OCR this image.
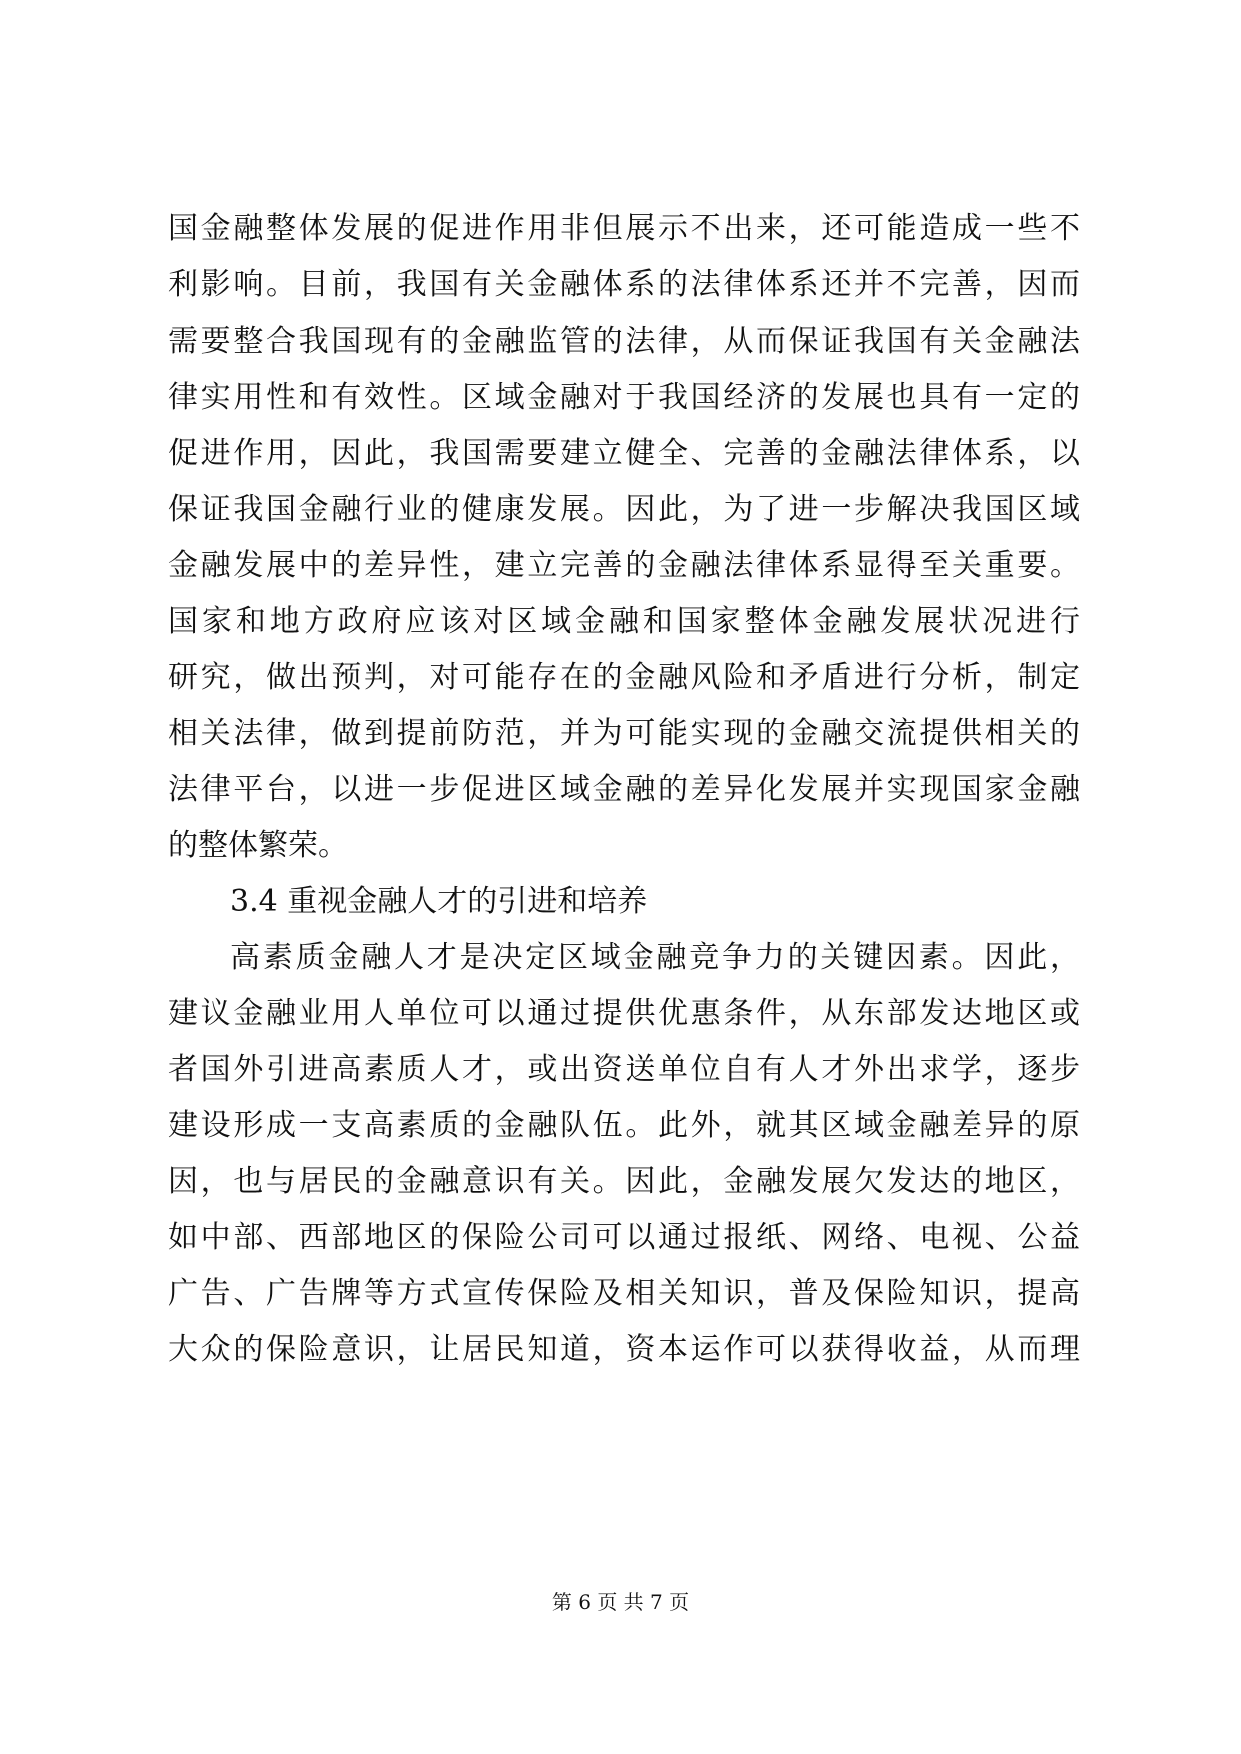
国金融整体发展的促进作用非但展示不出来，还可能造成一些不
利影响。目前，我国有关金融体系的法律体系还并不完善，因而
需要整合我国现有的金融监管的法律，从而保证我国有关金融法
律实用性和有效性。区域金融对于我国经济的发展也具有一定的
促进作用，因此，我国需要建立健全、完善的金融法律体系，以
保证我国金融行业的健康发展。因此，为了进一步解决我国区域
金融发展中的差异性，建立完善的金融法律体系显得至关重要。
国家和地方政府应该对区域金融和国家整体金融发展状况进行
研究，做出预判，对可能存在的金融风险和矛盾进行分析，制定
相关法律，做到提前防范，并为可能实现的金融交流提供相关的
法律平台，以进一步促进区域金融的差异化发展并实现国家金融
的整体繁荣。
3.4 重视金融人才的引进和培养
高素质金融人才是决定区域金融竞争力的关键因素。因此，
建议金融业用人单位可以通过提供优惠条件，从东部发达地区或
者国外引进高素质人才，或出资送单位自有人才外出求学，逐步
建设形成一支高素质的金融队伍。此外，就其区域金融差异的原
因，也与居民的金融意识有关。因此，金融发展欠发达的地区，
如中部、西部地区的保险公司可以通过报纸、网络、电视、公益
广告、广告牌等方式宣传保险及相关知识，普及保险知识，提高
大众的保险意识，让居民知道，资本运作可以获得收益，从而理
第 6 页 共 7 页
